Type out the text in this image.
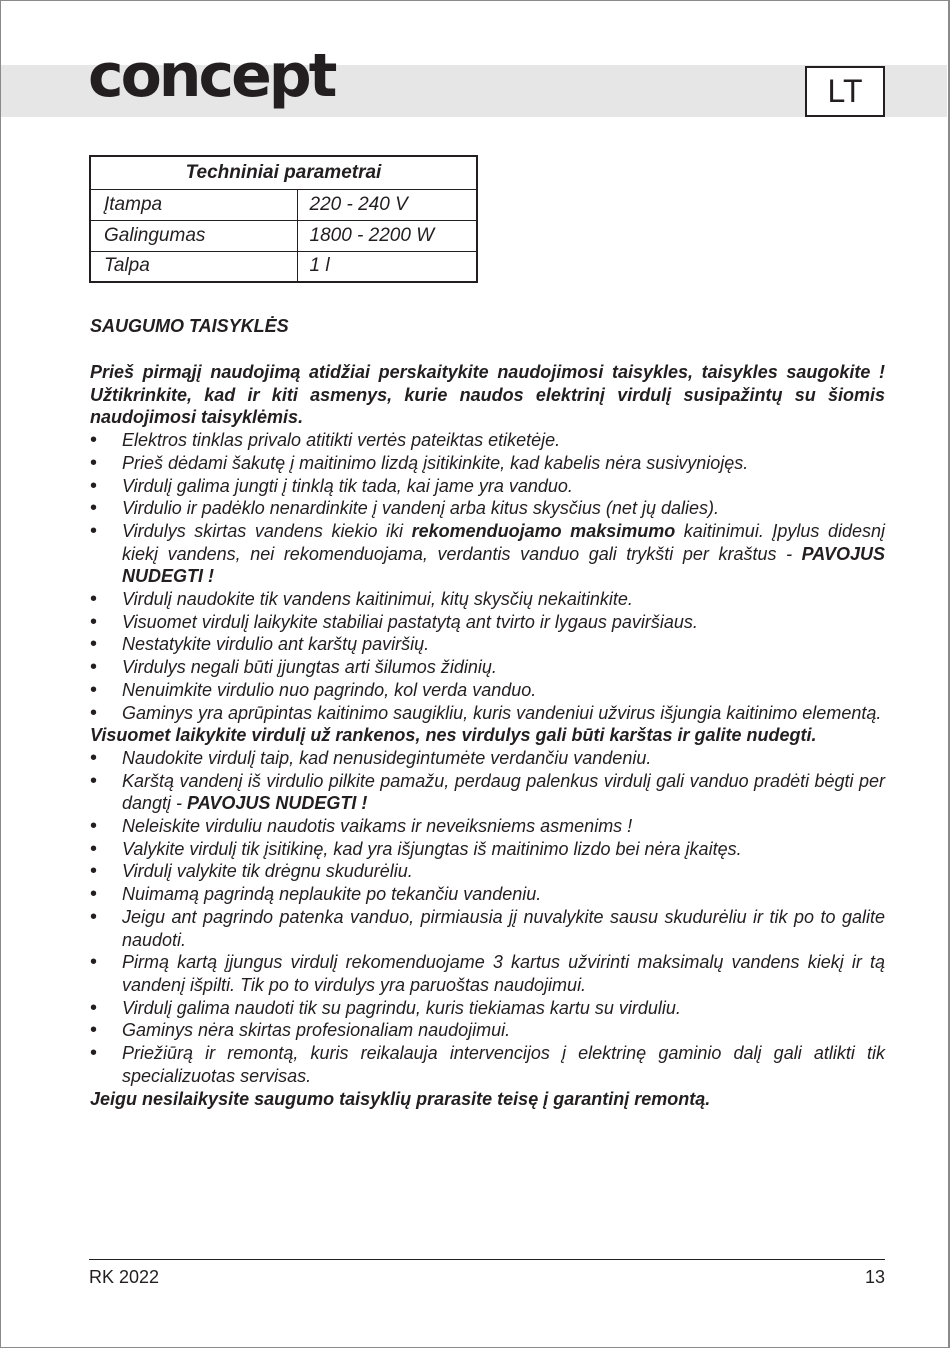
concept	LT
Techniniai parametrai	
Įtampa	220 - 240 V
Galingumas	1800 - 2200 W
Talpa	1 l
SAUGUMO TAISYKLĖS

Prieš pirmąjį naudojimą atidžiai perskaitykite naudojimosi taisykles, taisykles saugokite ! Užtikrinkite, kad ir kiti asmenys, kurie naudos elektrinį virdulį susipažintų su šiomis naudojimosi taisyklėmis.

• Elektros tinklas privalo atitikti vertės pateiktas etiketėje.
• Prieš dėdami šakutę į maitinimo lizdą įsitikinkite, kad kabelis nėra susivyniojęs.
• Virdulį galima jungti į tinklą tik tada, kai jame yra vanduo.
• Virdulio ir padėklo nenardinkite į vandenį arba kitus skysčius (net jų dalies).
• Virdulys skirtas vandens kiekio iki rekomenduojamo maksimumo kaitinimui. Įpylus didesnį kiekį vandens, nei rekomenduojama, verdantis vanduo gali trykšti per kraštus - PAVOJUS NUDEGTI !
• Virdulį naudokite tik vandens kaitinimui, kitų skysčių nekaitinkite.
• Visuomet virdulį laikykite stabiliai pastatytą ant tvirto ir lygaus paviršiaus.
• Nestatykite virdulio ant karštų paviršių.
• Virdulys negali būti įjungtas arti šilumos židinių.
• Nenuimkite virdulio nuo pagrindo, kol verda vanduo.
• Gaminys yra aprūpintas kaitinimo saugikliu, kuris vandeniui užvirus išjungia kaitinimo elementą.

Visuomet laikykite virdulį už rankenos, nes virdulys gali būti karštas ir galite nudegti.

• Naudokite virdulį taip, kad nenusidegintumėte verdančiu vandeniu.
• Karštą vandenį iš virdulio pilkite pamažu, perdaug palenkus virdulį gali vanduo pradėti bėgti per dangtį - PAVOJUS NUDEGTI !
• Neleiskite virduliu naudotis vaikams ir neveiksniems asmenims !
• Valykite virdulį tik įsitikinę, kad yra išjungtas iš maitinimo lizdo bei nėra įkaitęs.
• Virdulį valykite tik drėgnu skudurėliu.
• Nuimamą pagrindą neplaukite po tekančiu vandeniu.
• Jeigu ant pagrindo patenka vanduo, pirmiausia jį nuvalykite sausu skudurėliu ir tik po to galite naudoti.
• Pirmą kartą įjungus virdulį rekomenduojame 3 kartus užvirinti maksimalų vandens kiekį ir tą vandenį išpilti. Tik po to virdulys yra paruoštas naudojimui.
• Virdulį galima naudoti tik su pagrindu, kuris tiekiamas kartu su virduliu.
• Gaminys nėra skirtas profesionaliam naudojimui.
• Priežiūrą ir remontą, kuris reikalauja intervencijos į elektrinę gaminio dalį gali atlikti tik specializuotas servisas.

Jeigu nesilaikysite saugumo taisyklių prarasite teisę į garantinį remontą.

RK 2022	13
